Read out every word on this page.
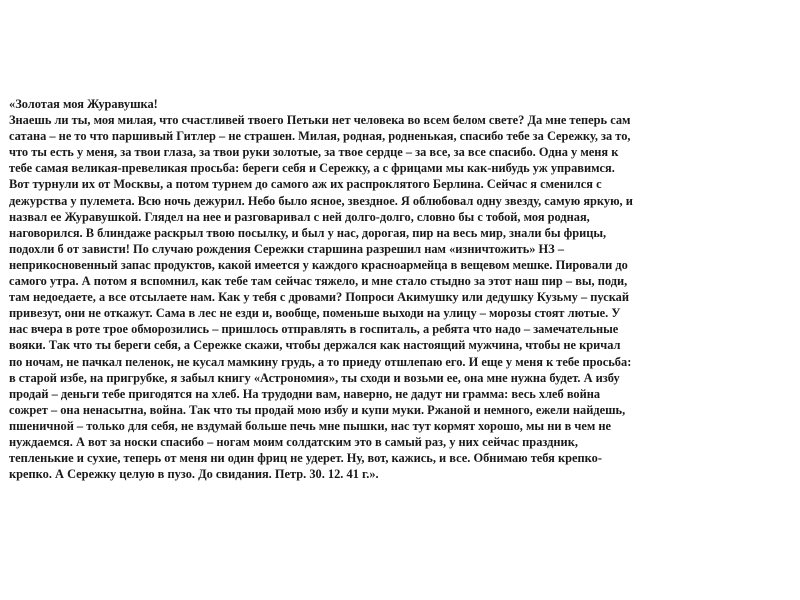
«Золотая моя Журавушка!
Знаешь ли ты, моя милая, что счастливей твоего Петьки нет человека во всем белом свете? Да мне теперь сам
сатана – не то что паршивый Гитлер – не страшен. Милая, родная, родненькая, спасибо тебе за Сережку, за то,
что ты есть у меня, за твои глаза, за твои руки золотые, за твое сердце – за все, за все спасибо. Одна у меня к
тебе самая великая-превеликая просьба: береги себя и Сережку, а с фрицами мы как-нибудь уж управимся.
Вот турнули их от Москвы, а потом турнем до самого аж их распроклятого Берлина. Сейчас я сменился с
дежурства у пулемета. Всю ночь дежурил. Небо было ясное, звездное. Я облюбовал одну звезду, самую яркую, и
назвал ее Журавушкой. Глядел на нее и разговаривал с ней долго-долго, словно бы с тобой, моя родная,
наговорился. В блиндаже раскрыл твою посылку, и был у нас, дорогая, пир на весь мир, знали бы фрицы,
подохли б от зависти! По случаю рождения Сережки старшина разрешил нам «изничтожить» НЗ –
неприкосновенный запас продуктов, какой имеется у каждого красноармейца в вещевом мешке. Пировали до
самого утра. А потом я вспомнил, как тебе там сейчас тяжело, и мне стало стыдно за этот наш пир – вы, поди,
там недоедаете, а все отсылаете нам. Как у тебя с дровами? Попроси Акимушку или дедушку Кузьму – пускай
привезут, они не откажут. Сама в лес не езди и, вообще, поменьше выходи на улицу – морозы стоят лютые. У
нас вчера в роте трое обморозились – пришлось отправлять в госпиталь, а ребята что надо – замечательные
вояки. Так что ты береги себя, а Сережке скажи, чтобы держался как настоящий мужчина, чтобы не кричал
по ночам, не пачкал пеленок, не кусал мамкину грудь, а то приеду отшлепаю его. И еще у меня к тебе просьба:
в старой избе, на пригрубке, я забыл книгу «Астрономия», ты сходи и возьми ее, она мне нужна будет. А избу
продай – деньги тебе пригодятся на хлеб. На трудодни вам, наверно, не дадут ни грамма: весь хлеб война
сожрет – она ненасытна, война. Так что ты продай мою избу и купи муки. Ржаной и немного, ежели найдешь,
пшеничной – только для себя, не вздумай больше печь мне пышки, нас тут кормят хорошо, мы ни в чем не
нуждаемся. А вот за носки спасибо – ногам моим солдатским это в самый раз, у них сейчас праздник,
тепленькие и сухие, теперь от меня ни один фриц не удерет. Ну, вот, кажись, и все. Обнимаю тебя крепко-
крепко. А Сережку целую в пузо. До свидания. Петр. 30. 12. 41 г.».
